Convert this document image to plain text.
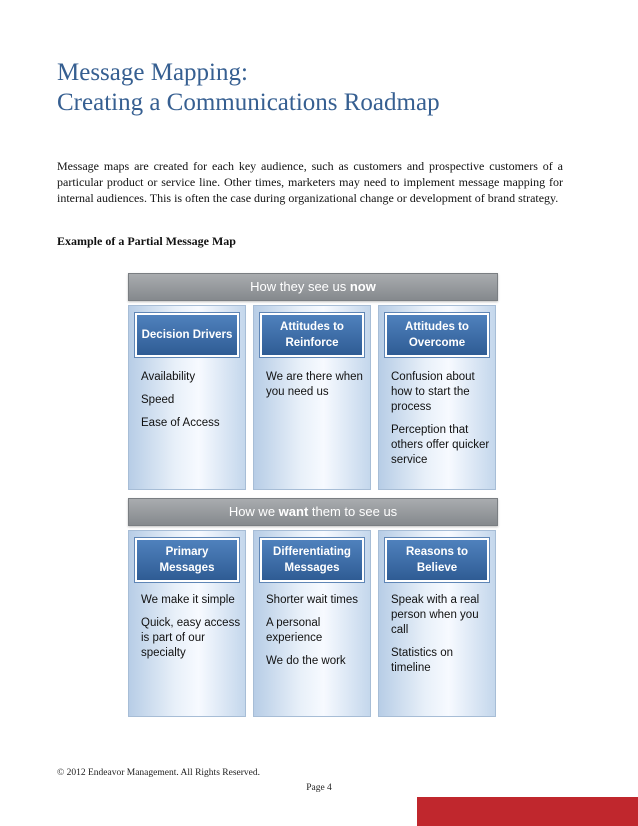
Message Mapping:
Creating a Communications Roadmap

Message maps are created for each key audience, such as customers and prospective customers of a particular product or service line. Other times, marketers may need to implement message mapping for internal audiences. This is often the case during organizational change or development of brand strategy.

Example of a Partial Message Map

How they see us now
Decision Drivers
Availability
Speed
Ease of Access
Attitudes to
Reinforce
We are there when you need us
Attitudes to
Overcome
Confusion about how to start the process
Perception that others offer quicker service
How we want them to see us
Primary
Messages
We make it simple
Quick, easy access is part of our specialty
Differentiating
Messages
Shorter wait times
A personal experience
We do the work
Reasons to
Believe
Speak with a real person when you call
Statistics on timeline

© 2012 Endeavor Management. All Rights Reserved.

Page 4
